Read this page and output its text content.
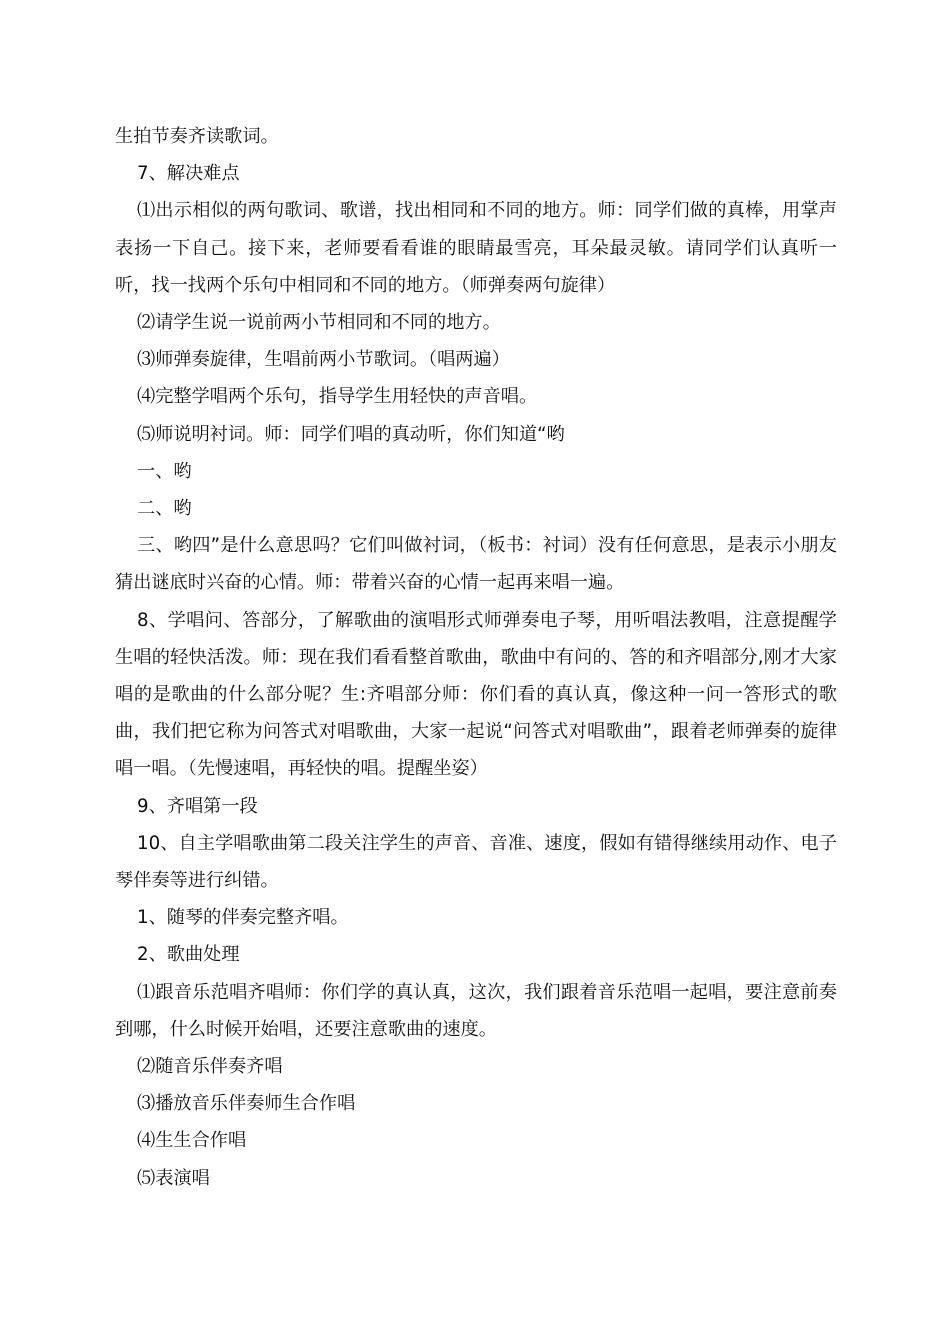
生拍节奏齐读歌词。

7、解决难点

⑴出示相似的两句歌词、歌谱，找出相同和不同的地方。师：同学们做的真棒，用掌声表扬一下自己。接下来，老师要看看谁的眼睛最雪亮，耳朵最灵敏。请同学们认真听一听，找一找两个乐句中相同和不同的地方。（师弹奏两句旋律）

⑵请学生说一说前两小节相同和不同的地方。

⑶师弹奏旋律，生唱前两小节歌词。（唱两遍）

⑷完整学唱两个乐句，指导学生用轻快的声音唱。

⑸师说明衬词。师：同学们唱的真动听，你们知道“哟

一、哟

二、哟

三、哟四”是什么意思吗？它们叫做衬词，（板书：衬词）没有任何意思，是表示小朋友猜出谜底时兴奋的心情。师：带着兴奋的心情一起再来唱一遍。

8、学唱问、答部分，了解歌曲的演唱形式师弹奏电子琴，用听唱法教唱，注意提醒学生唱的轻快活泼。师：现在我们看看整首歌曲，歌曲中有问的、答的和齐唱部分,刚才大家唱的是歌曲的什么部分呢？生:齐唱部分师：你们看的真认真，像这种一问一答形式的歌曲，我们把它称为问答式对唱歌曲，大家一起说“问答式对唱歌曲”，跟着老师弹奏的旋律唱一唱。（先慢速唱，再轻快的唱。提醒坐姿）

9、齐唱第一段

10、自主学唱歌曲第二段关注学生的声音、音准、速度，假如有错得继续用动作、电子琴伴奏等进行纠错。

1、随琴的伴奏完整齐唱。

2、歌曲处理

⑴跟音乐范唱齐唱师：你们学的真认真，这次，我们跟着音乐范唱一起唱，要注意前奏到哪，什么时候开始唱，还要注意歌曲的速度。

⑵随音乐伴奏齐唱

⑶播放音乐伴奏师生合作唱

⑷生生合作唱

⑸表演唱
